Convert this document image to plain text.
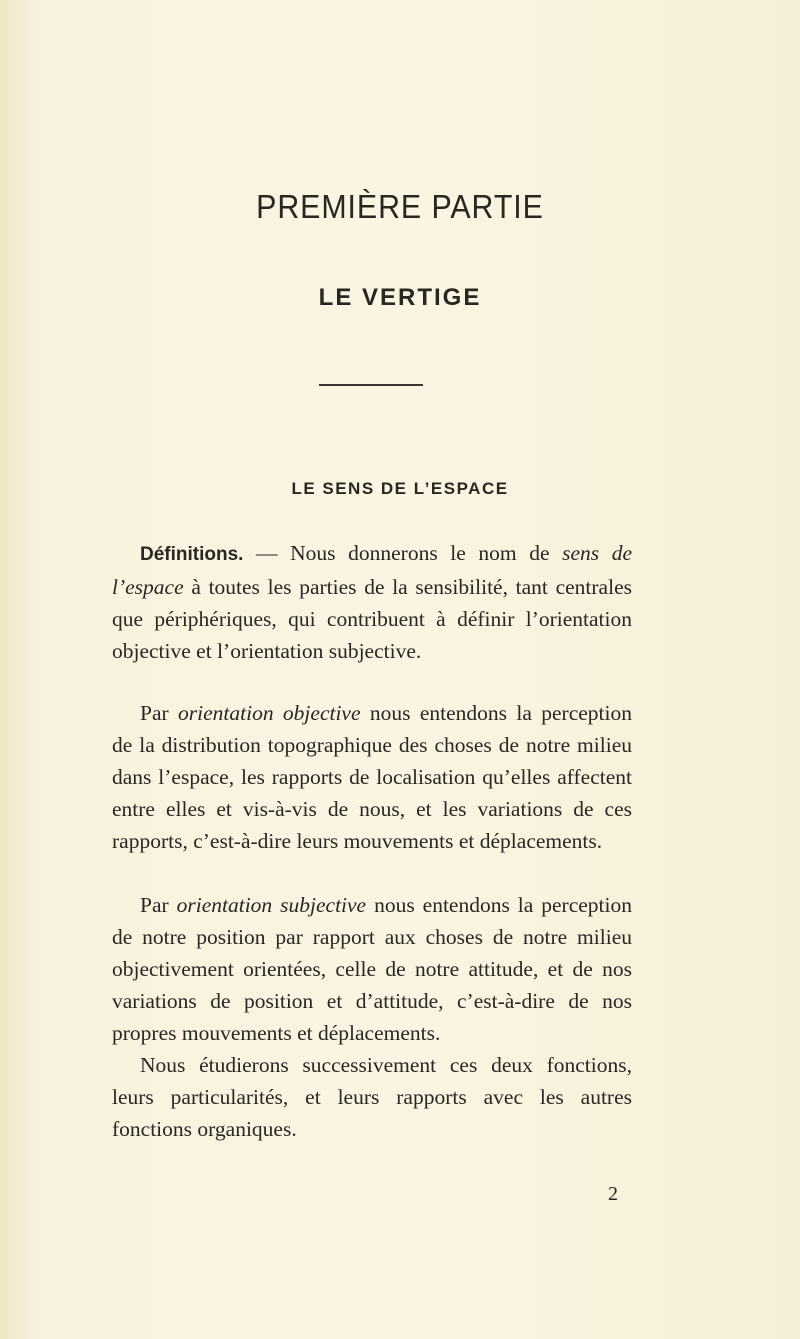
PREMIÈRE PARTIE
LE VERTIGE
LE SENS DE L’ESPACE

Définitions. — Nous donnerons le nom de sens de l’espace à toutes les parties de la sensibilité, tant centrales que périphériques, qui contribuent à définir l’orientation objective et l’orientation subjective.

Par orientation objective nous entendons la perception de la distribution topographique des choses de notre milieu dans l’espace, les rapports de localisation qu’elles affectent entre elles et vis-à-vis de nous, et les variations de ces rapports, c’est-à-dire leurs mouvements et déplacements.

Par orientation subjective nous entendons la perception de notre position par rapport aux choses de notre milieu objectivement orientées, celle de notre attitude, et de nos variations de position et d’attitude, c’est-à-dire de nos propres mouvements et déplacements.

Nous étudierons successivement ces deux fonctions, leurs particularités, et leurs rapports avec les autres fonctions organiques.

2
